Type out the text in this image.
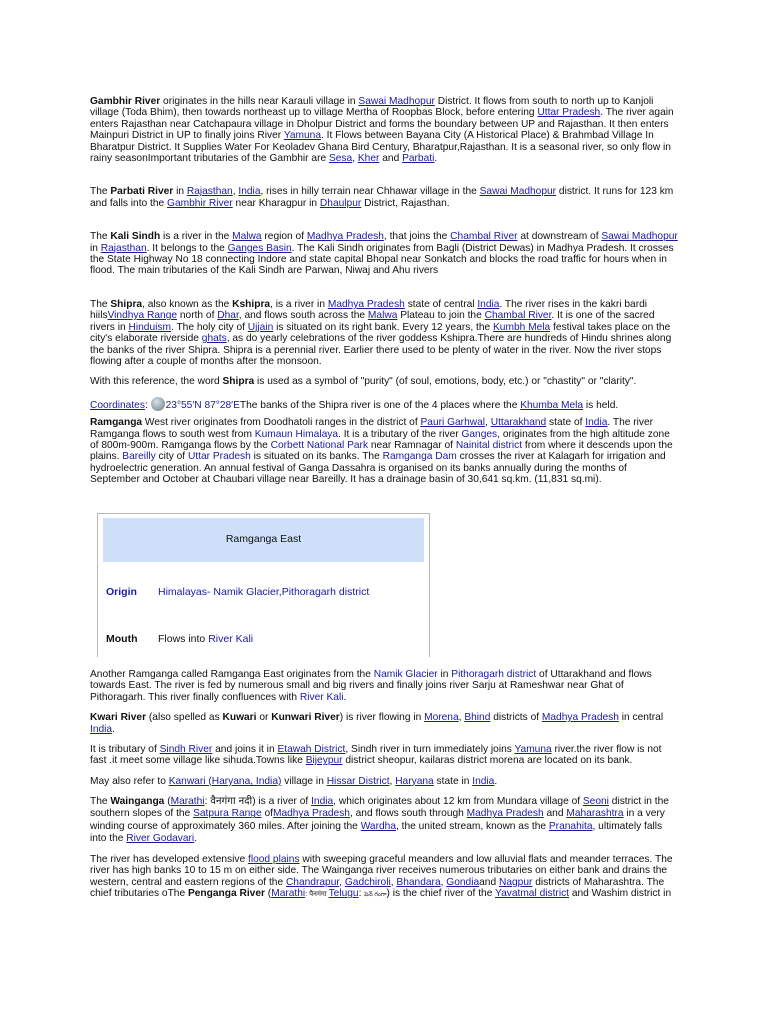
Gambhir River originates in the hills near Karauli village in Sawai Madhopur District. It flows from south to north up to Kanjoli village (Toda Bhim), then towards northeast up to village Mertha of Roopbas Block, before entering Uttar Pradesh. The river again enters Rajasthan near Catchapaura village in Dholpur District and forms the boundary between UP and Rajasthan. It then enters Mainpuri District in UP to finally joins River Yamuna. It Flows between Bayana City (A Historical Place) & Brahmbad Village In Bharatpur District. It Supplies Water For Keoladev Ghana Bird Century, Bharatpur,Rajasthan. It is a seasonal river, so only flow in rainy seasonImportant tributaries of the Gambhir are Sesa, Kher and Parbati.

The Parbati River in Rajasthan, India, rises in hilly terrain near Chhawar village in the Sawai Madhopur district. It runs for 123 km and falls into the Gambhir River near Kharagpur in Dhaulpur District, Rajasthan.

The Kali Sindh is a river in the Malwa region of Madhya Pradesh, that joins the Chambal River at downstream of Sawai Madhopur in Rajasthan. It belongs to the Ganges Basin. The Kali Sindh originates from Bagli (District Dewas) in Madhya Pradesh. It crosses the State Highway No 18 connecting Indore and state capital Bhopal near Sonkatch and blocks the road traffic for hours when in flood. The main tributaries of the Kali Sindh are Parwan, Niwaj and Ahu rivers

The Shipra, also known as the Kshipra, is a river in Madhya Pradesh state of central India. The river rises in the kakri bardi hiilsVindhya Range north of Dhar, and flows south across the Malwa Plateau to join the Chambal River. It is one of the sacred rivers in Hinduism. The holy city of Ujjain is situated on its right bank. Every 12 years, the Kumbh Mela festival takes place on the city's elaborate riverside ghats, as do yearly celebrations of the river goddess Kshipra.There are hundreds of Hindu shrines along the banks of the river Shipra. Shipra is a perennial river. Earlier there used to be plenty of water in the river. Now the river stops flowing after a couple of months after the monsoon.

With this reference, the word Shipra is used as a symbol of "purity" (of soul, emotions, body, etc.) or "chastity" or "clarity".

Coordinates: 23°55′N 87°28′EThe banks of the Shipra river is one of the 4 places where the Khumba Mela is held.

Ramganga West river originates from Doodhatoli ranges in the district of Pauri Garhwal, Uttarakhand state of India. The river Ramganga flows to south west from Kumaun Himalaya. It is a tributary of the river Ganges, originates from the high altitude zone of 800m-900m. Ramganga flows by the Corbett National Park near Ramnagar of Nainital district from where it descends upon the plains. Bareilly city of Uttar Pradesh is situated on its banks. The Ramganga Dam crosses the river at Kalagarh for irrigation and hydroelectric generation. An annual festival of Ganga Dassahra is organised on its banks annually during the months of September and October at Chaubari village near Bareilly. It has a drainage basin of 30,641 sq.km. (11,831 sq.mi).

Ramganga East
Origin Himalayas- Namik Glacier,Pithoragarh district
Mouth Flows into River Kali

Another Ramganga called Ramganga East originates from the Namik Glacier in Pithoragarh district of Uttarakhand and flows towards East. The river is fed by numerous small and big rivers and finally joins river Sarju at Rameshwar near Ghat of Pithoragarh. This river finally confluences with River Kali.

Kwari River (also spelled as Kuwari or Kunwari River) is river flowing in Morena, Bhind districts of Madhya Pradesh in central India.

It is tributary of Sindh River and joins it in Etawah District, Sindh river in turn immediately joins Yamuna river.the river flow is not fast .it meet some village like sihuda.Towns like Bijeypur district sheopur, kailaras district morena are located on its bank.

May also refer to Kanwari (Haryana, India) village in Hissar District, Haryana state in India.

The Wainganga (Marathi: वैनगंगा नदी) is a river of India, which originates about 12 km from Mundara village of Seoni district in the southern slopes of the Satpura Range ofMadhya Pradesh, and flows south through Madhya Pradesh and Maharashtra in a very winding course of approximately 360 miles. After joining the Wardha, the united stream, known as the Pranahita, ultimately falls into the River Godavari.

The river has developed extensive flood plains with sweeping graceful meanders and low alluvial flats and meander terraces. The river has high banks 10 to 15 m on either side. The Wainganga river receives numerous tributaries on either bank and drains the western, central and eastern regions of the Chandrapur, Gadchiroli, Bhandara, Gondiaand Nagpur districts of Maharashtra. The chief tributaries oThe Penganga River (Marathi: पैनगंगा Telugu: పెన్ గంగా) is the chief river of the Yavatmal district and Washim district in
